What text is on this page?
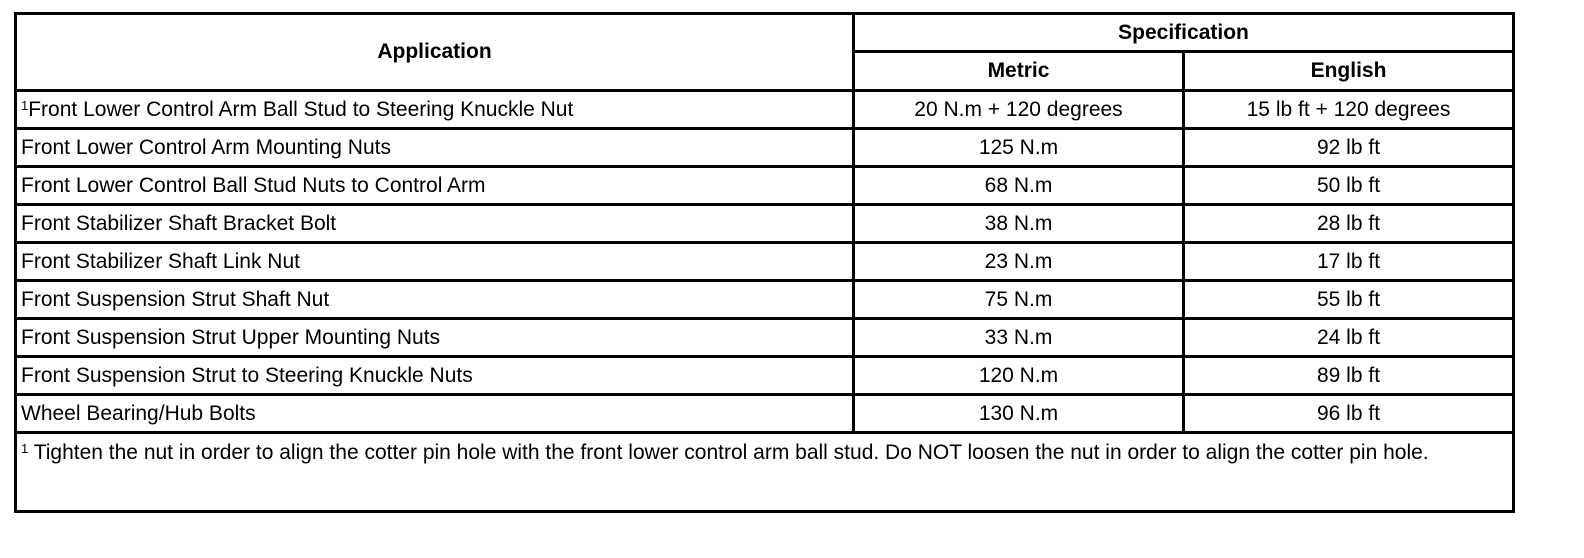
Application	Specification	
	Metric	English
$^1$Front Lower Control Arm Ball Stud to Steering Knuckle Nut	20 N.m + 120 degrees	15 lb ft + 120 degrees
Front Lower Control Arm Mounting Nuts	125 N.m	92 lb ft
Front Lower Control Ball Stud Nuts to Control Arm	68 N.m	50 lb ft
Front Stabilizer Shaft Bracket Bolt	38 N.m	28 lb ft
Front Stabilizer Shaft Link Nut	23 N.m	17 lb ft
Front Suspension Strut Shaft Nut	75 N.m	55 lb ft
Front Suspension Strut Upper Mounting Nuts	33 N.m	24 lb ft
Front Suspension Strut to Steering Knuckle Nuts	120 N.m	89 lb ft
Wheel Bearing/Hub Bolts	130 N.m	96 lb ft
$^1$ Tighten the nut in order to align the cotter pin hole with the front lower control arm ball stud. Do NOT loosen the nut in order to align the cotter pin hole.		
